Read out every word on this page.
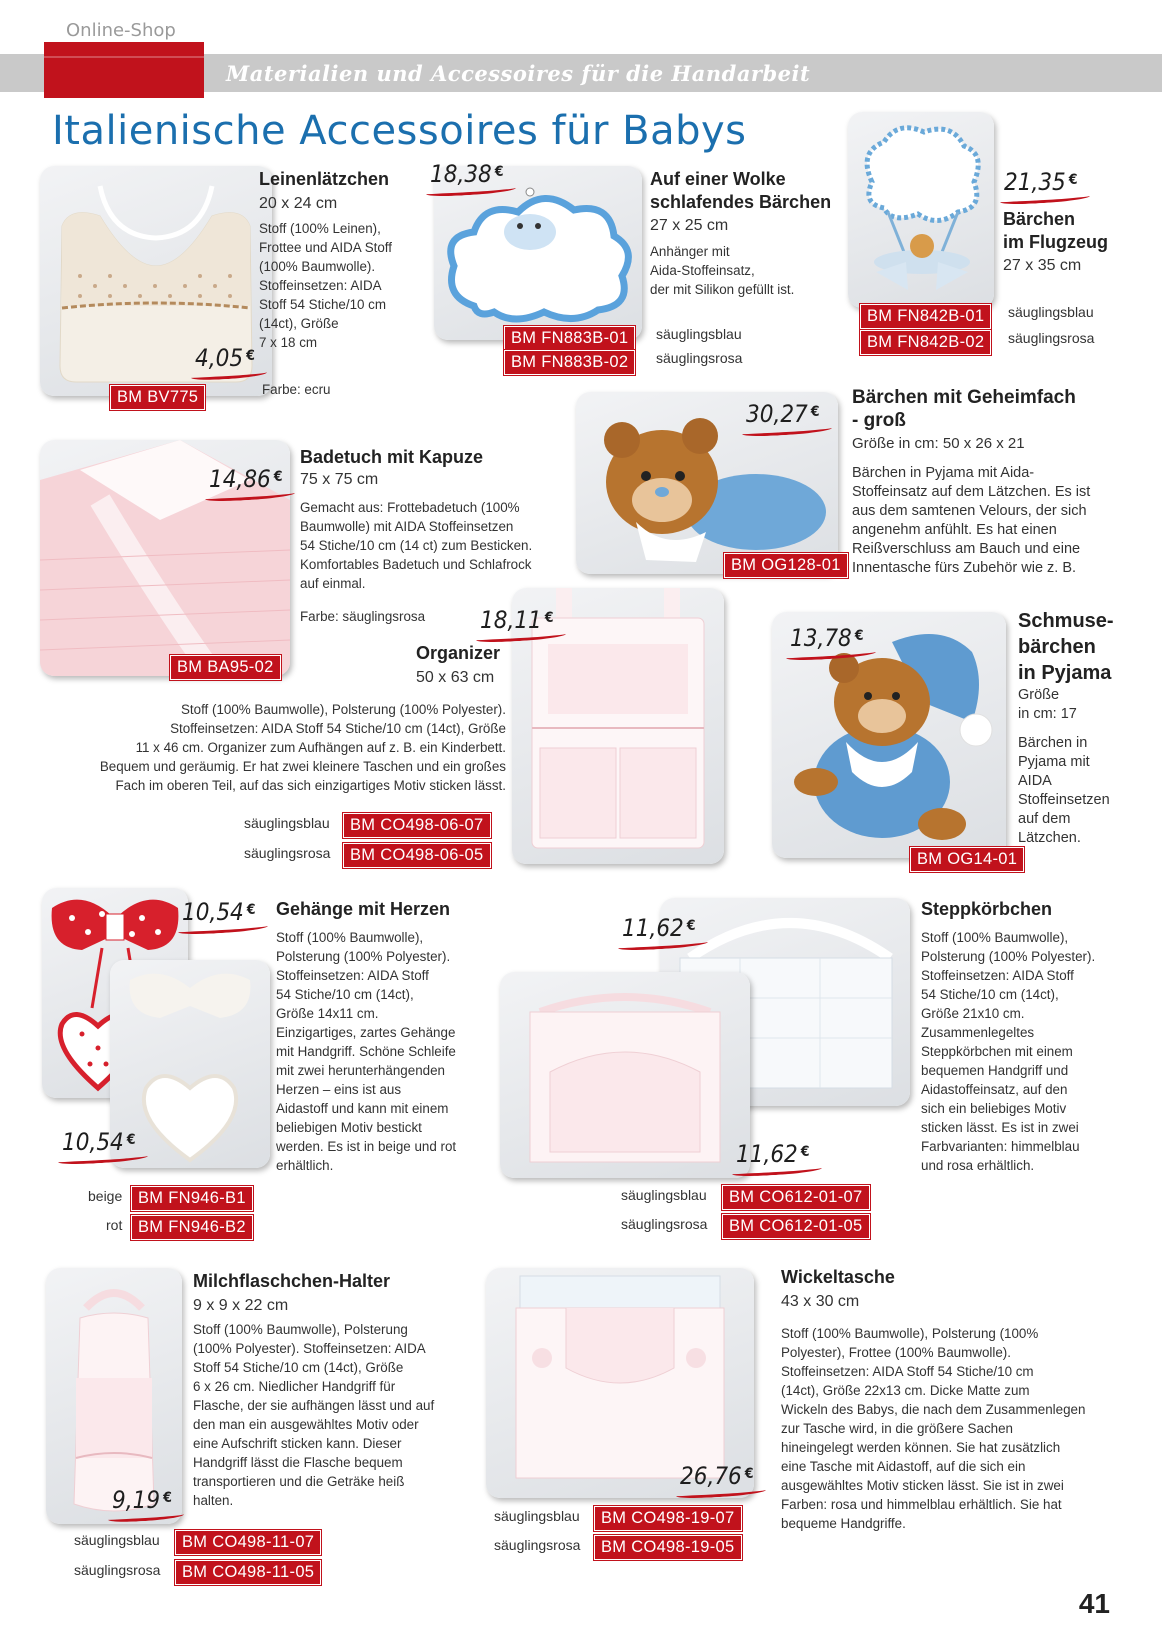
Online-Shop
Materialien und Accessoires für die Handarbeit
Italienische Accessoires für Babys
Leinenlätzchen
20 x 24 cm
Stoff (100% Leinen),
Frottee und AIDA Stoff
(100% Baumwolle).
Stoffeinsetzen: AIDA
Stoff 54 Stiche/10 cm
(14ct), Größe
7 x 18 cm
Farbe: ecru
4,05 €
BM BV775
18,38 €	Auf einer Wolke
schlafendes Bärchen
27 x 25 cm
Anhänger mit
Aida-Stoffeinsatz,
der mit Silikon gefüllt ist.
BM FN883B-01	säuglingsblau
BM FN883B-02	säuglingsrosa
21,35 €
Bärchen
im Flugzeug
27 x 35 cm
BM FN842B-01	säuglingsblau
BM FN842B-02	säuglingsrosa
14,86 €
Badetuch mit Kapuze
75 x 75 cm
Gemacht aus: Frottebadetuch (100%
Baumwolle) mit AIDA Stoffeinsetzen
54 Stiche/10 cm (14 ct) zum Besticken.
Komfortables Badetuch und Schlafrock
auf einmal.
Farbe: säuglingsrosa
BM BA95-02
30,27 €
Bärchen mit Geheimfach
- groß
Größe in cm: 50 x 26 x 21
Bärchen in Pyjama mit Aida-
Stoffeinsatz auf dem Lätzchen. Es ist
aus dem samtenen Velours, der sich
angenehm anfühlt. Es hat einen
Reißverschluss am Bauch und eine
Innentasche fürs Zubehör wie z. B.
BM OG128-01
18,11 €
Organizer
50 x 63 cm
Stoff (100% Baumwolle), Polsterung (100% Polyester).
Stoffeinsetzen: AIDA Stoff 54 Stiche/10 cm (14ct), Größe
11 x 46 cm. Organizer zum Aufhängen auf z. B. ein Kinderbett.
Bequem und geräumig. Er hat zwei kleinere Taschen und ein großes
Fach im oberen Teil, auf das sich einzigartiges Motiv sticken lässt.
säuglingsblau	BM CO498-06-07
säuglingsrosa	BM CO498-06-05
13,78 €
Schmuse-
bärchen
in Pyjama
Größe
in cm: 17
Bärchen in
Pyjama mit
AIDA
Stoffeinsetzen
auf dem
Lätzchen.
BM OG14-01
10,54 €
10,54 €
Gehänge mit Herzen
Stoff (100% Baumwolle),
Polsterung (100% Polyester).
Stoffeinsetzen: AIDA Stoff
54 Stiche/10 cm (14ct),
Größe 14x11 cm.
Einzigartiges, zartes Gehänge
mit Handgriff. Schöne Schleife
mit zwei herunterhängenden
Herzen – eins ist aus
Aidastoff und kann mit einem
beliebigen Motiv bestickt
werden. Es ist in beige und rot
erhältlich.
beige BM FN946-B1
rot BM FN946-B2
11,62 €
11,62 €
Steppkörbchen
Stoff (100% Baumwolle),
Polsterung (100% Polyester).
Stoffeinsetzen: AIDA Stoff
54 Stiche/10 cm (14ct),
Größe 21x10 cm.
Zusammenlegeltes
Steppkörbchen mit einem
bequemen Handgriff und
Aidastoffeinsatz, auf den
sich ein beliebiges Motiv
sticken lässt. Es ist in zwei
Farbvarianten: himmelblau
und rosa erhältlich.
säuglingsblau	BM CO612-01-07
säuglingsrosa	BM CO612-01-05
9,19 €
Milchflaschchen-Halter
9 x 9 x 22 cm
Stoff (100% Baumwolle), Polsterung
(100% Polyester). Stoffeinsetzen: AIDA
Stoff 54 Stiche/10 cm (14ct), Größe
6 x 26 cm. Niedlicher Handgriff für
Flasche, der sie aufhängen lässt und auf
den man ein ausgewähltes Motiv oder
eine Aufschrift sticken kann. Dieser
Handgriff lässt die Flasche bequem
transportieren und die Geträke heiß
halten.
säuglingsblau	BM CO498-11-07
säuglingsrosa	BM CO498-11-05
26,76 €
Wickeltasche
43 x 30 cm
Stoff (100% Baumwolle), Polsterung (100%
Polyester), Frottee (100% Baumwolle).
Stoffeinsetzen: AIDA Stoff 54 Stiche/10 cm
(14ct), Größe 22x13 cm. Dicke Matte zum
Wickeln des Babys, die nach dem Zusammenlegen
zur Tasche wird, in die größere Sachen
hineingelegt werden können. Sie hat zusätzlich
eine Tasche mit Aidastoff, auf die sich ein
ausgewähltes Motiv sticken lässt. Sie ist in zwei
Farben: rosa und himmelblau erhältlich. Sie hat
bequeme Handgriffe.
säuglingsblau	BM CO498-19-07
säuglingsrosa	BM CO498-19-05
41
